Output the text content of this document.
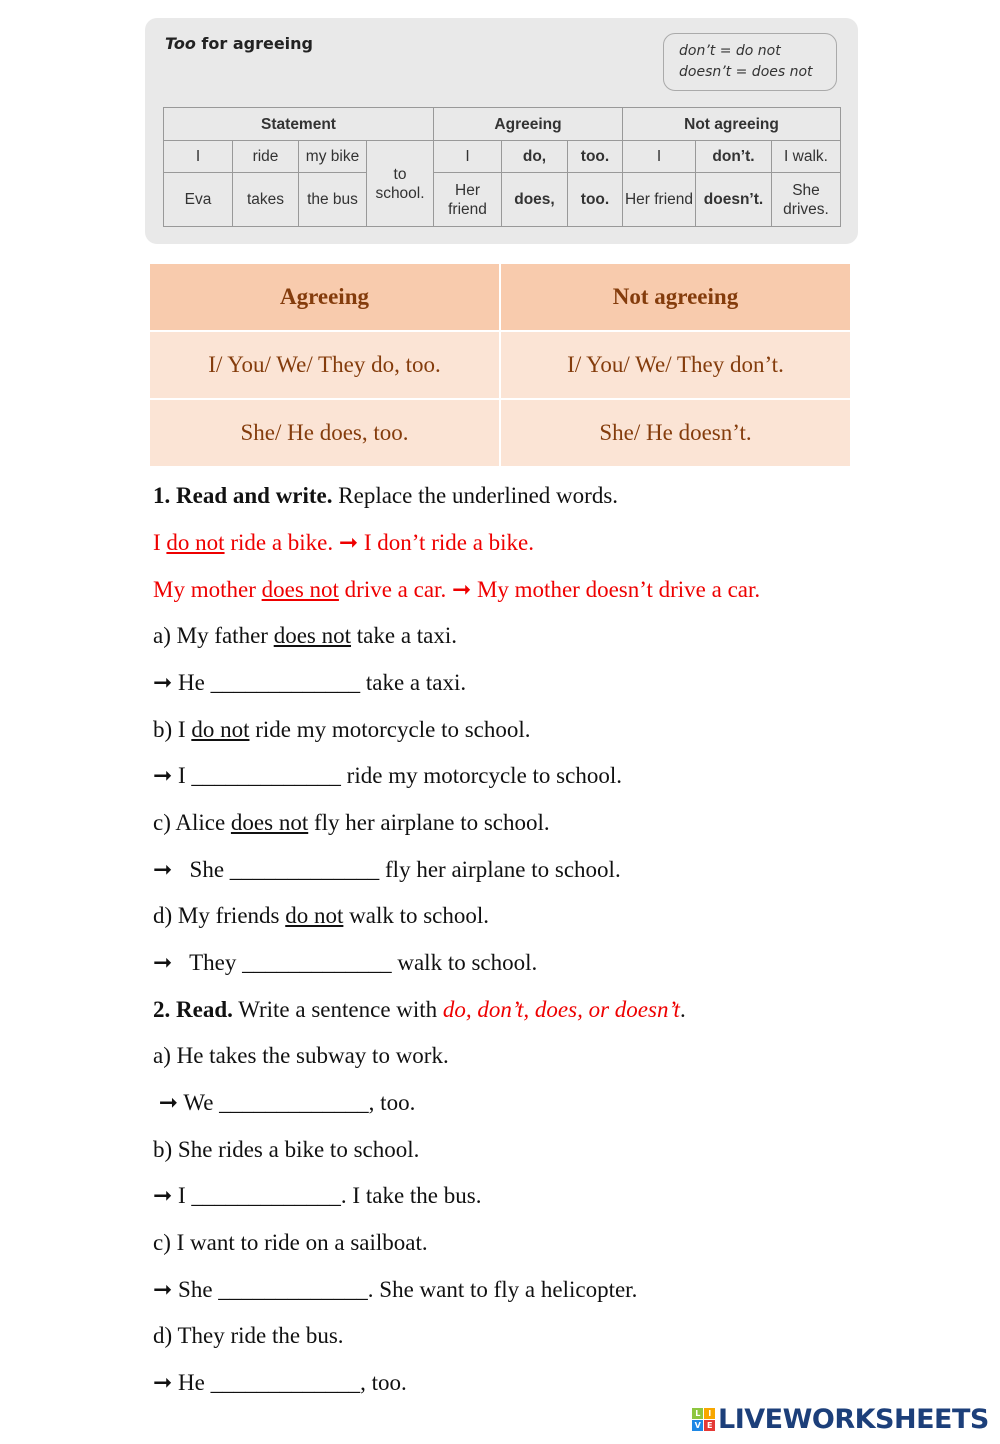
Too for agreeing	don’t = do not
doesn’t = does not
Statement				Agreeing			Not agreeing		
I	ride	my bike	to school.	I	do,	too.	I	don’t.	I walk.
Eva	takes	the bus		Her friend	does,	too.	Her friend	doesn’t.	She drives.
Agreeing	Not agreeing
I/ You/ We/ They do, too.	I/ You/ We/ They don’t.
She/ He does, too.	She/ He doesn’t.
1. Read and write. Replace the underlined words.
I do not ride a bike. ➞ I don’t ride a bike.
My mother does not drive a car. ➞ My mother doesn’t drive a car.
a) My father does not take a taxi.
➞ He _____________ take a taxi.
b) I do not ride my motorcycle to school.
➞ I _____________ ride my motorcycle to school.
c) Alice does not fly her airplane to school.
➞   She _____________ fly her airplane to school.
d) My friends do not walk to school.
➞   They _____________ walk to school.
2. Read. Write a sentence with do, don’t, does, or doesn’t.
a) He takes the subway to work.
➞ We _____________, too.
b) She rides a bike to school.
➞ I _____________. I take the bus.
c) I want to ride on a sailboat.
➞ She _____________. She want to fly a helicopter.
d) They ride the bus.
➞ He _____________, too.
L	I
V E LIVEWORKSHEETS
